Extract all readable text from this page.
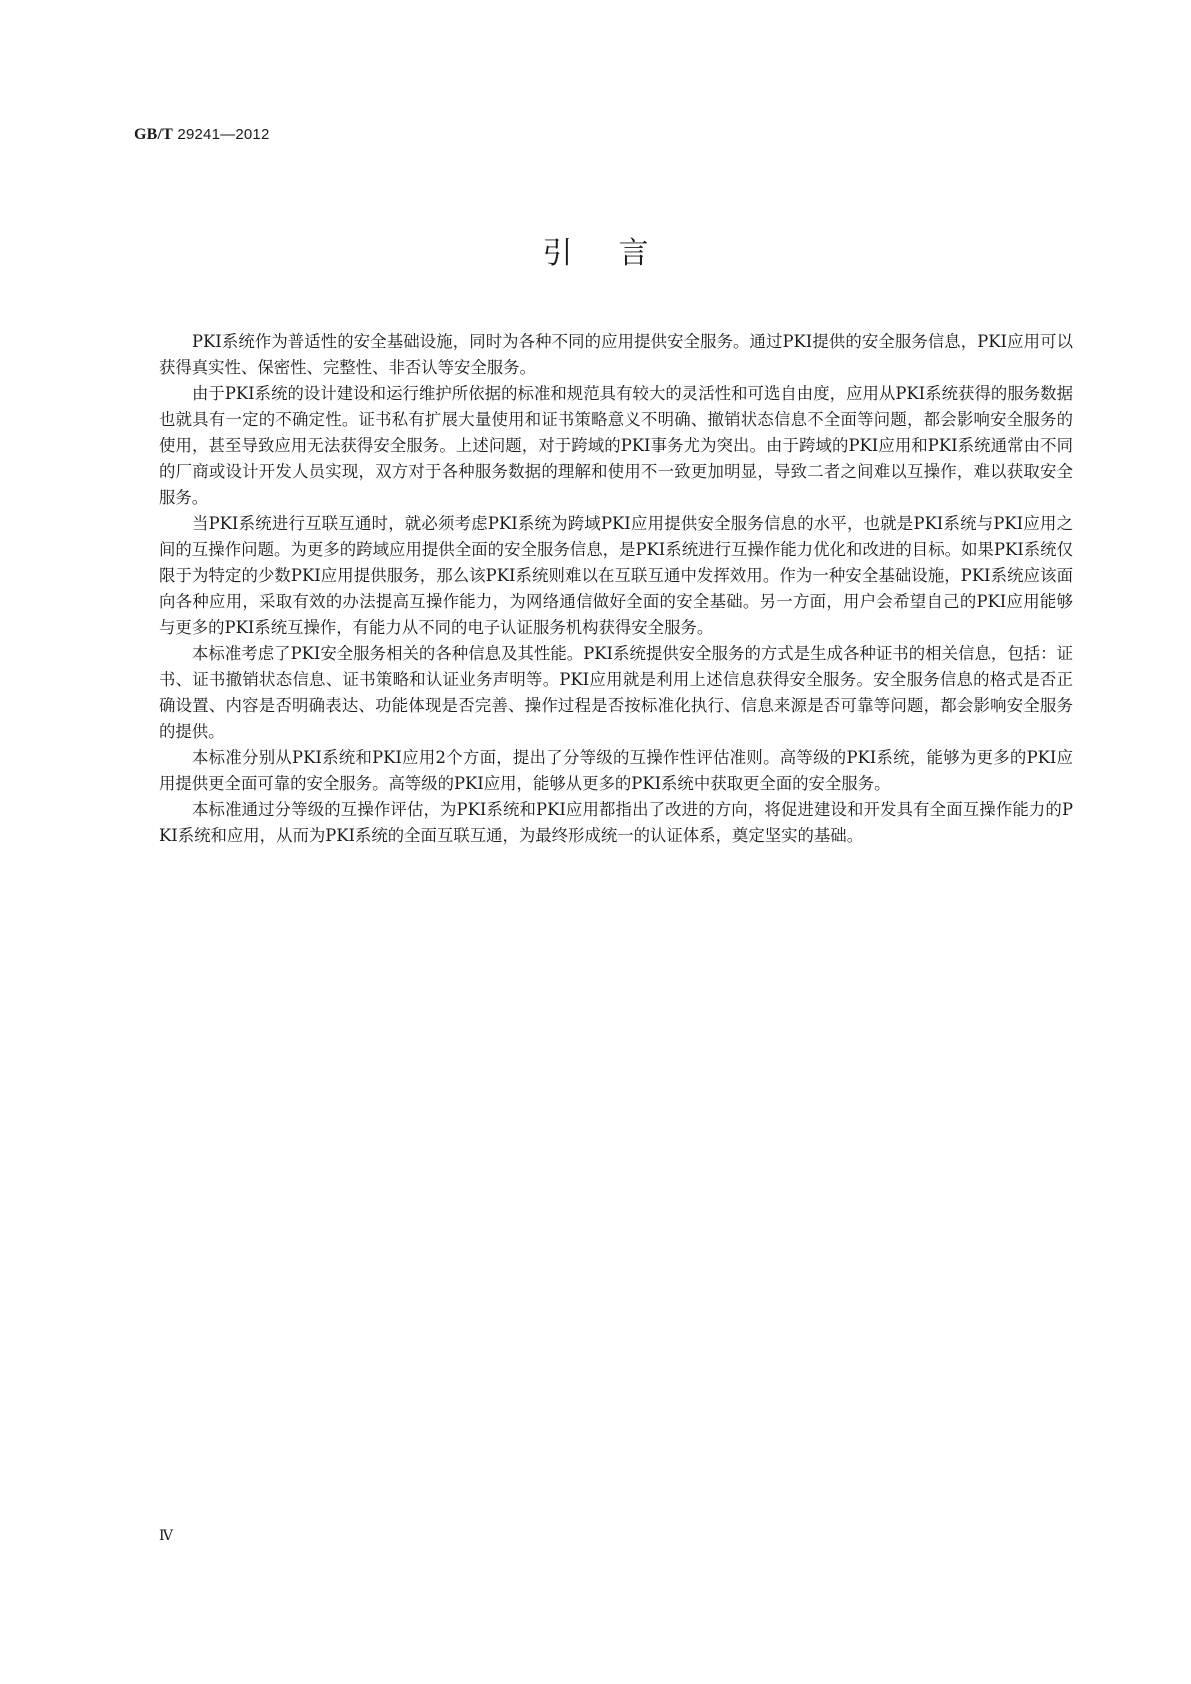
GB/T 29241—2012
引言

PKI系统作为普适性的安全基础设施，同时为各种不同的应用提供安全服务。通过PKI提供的安全服务信息，PKI应用可以获得真实性、保密性、完整性、非否认等安全服务。

由于PKI系统的设计建设和运行维护所依据的标准和规范具有较大的灵活性和可选自由度，应用从PKI系统获得的服务数据也就具有一定的不确定性。证书私有扩展大量使用和证书策略意义不明确、撤销状态信息不全面等问题，都会影响安全服务的使用，甚至导致应用无法获得安全服务。上述问题，对于跨域的PKI事务尤为突出。由于跨域的PKI应用和PKI系统通常由不同的厂商或设计开发人员实现，双方对于各种服务数据的理解和使用不一致更加明显，导致二者之间难以互操作，难以获取安全服务。

当PKI系统进行互联互通时，就必须考虑PKI系统为跨域PKI应用提供安全服务信息的水平，也就是PKI系统与PKI应用之间的互操作问题。为更多的跨域应用提供全面的安全服务信息，是PKI系统进行互操作能力优化和改进的目标。如果PKI系统仅限于为特定的少数PKI应用提供服务，那么该PKI系统则难以在互联互通中发挥效用。作为一种安全基础设施，PKI系统应该面向各种应用，采取有效的办法提高互操作能力，为网络通信做好全面的安全基础。另一方面，用户会希望自己的PKI应用能够与更多的PKI系统互操作，有能力从不同的电子认证服务机构获得安全服务。

本标准考虑了PKI安全服务相关的各种信息及其性能。PKI系统提供安全服务的方式是生成各种证书的相关信息，包括：证书、证书撤销状态信息、证书策略和认证业务声明等。PKI应用就是利用上述信息获得安全服务。安全服务信息的格式是否正确设置、内容是否明确表达、功能体现是否完善、操作过程是否按标准化执行、信息来源是否可靠等问题，都会影响安全服务的提供。

本标准分别从PKI系统和PKI应用2个方面，提出了分等级的互操作性评估准则。高等级的PKI系统，能够为更多的PKI应用提供更全面可靠的安全服务。高等级的PKI应用，能够从更多的PKI系统中获取更全面的安全服务。

本标准通过分等级的互操作评估，为PKI系统和PKI应用都指出了改进的方向，将促进建设和开发具有全面互操作能力的PKI系统和应用，从而为PKI系统的全面互联互通，为最终形成统一的认证体系，奠定坚实的基础。

Ⅳ
